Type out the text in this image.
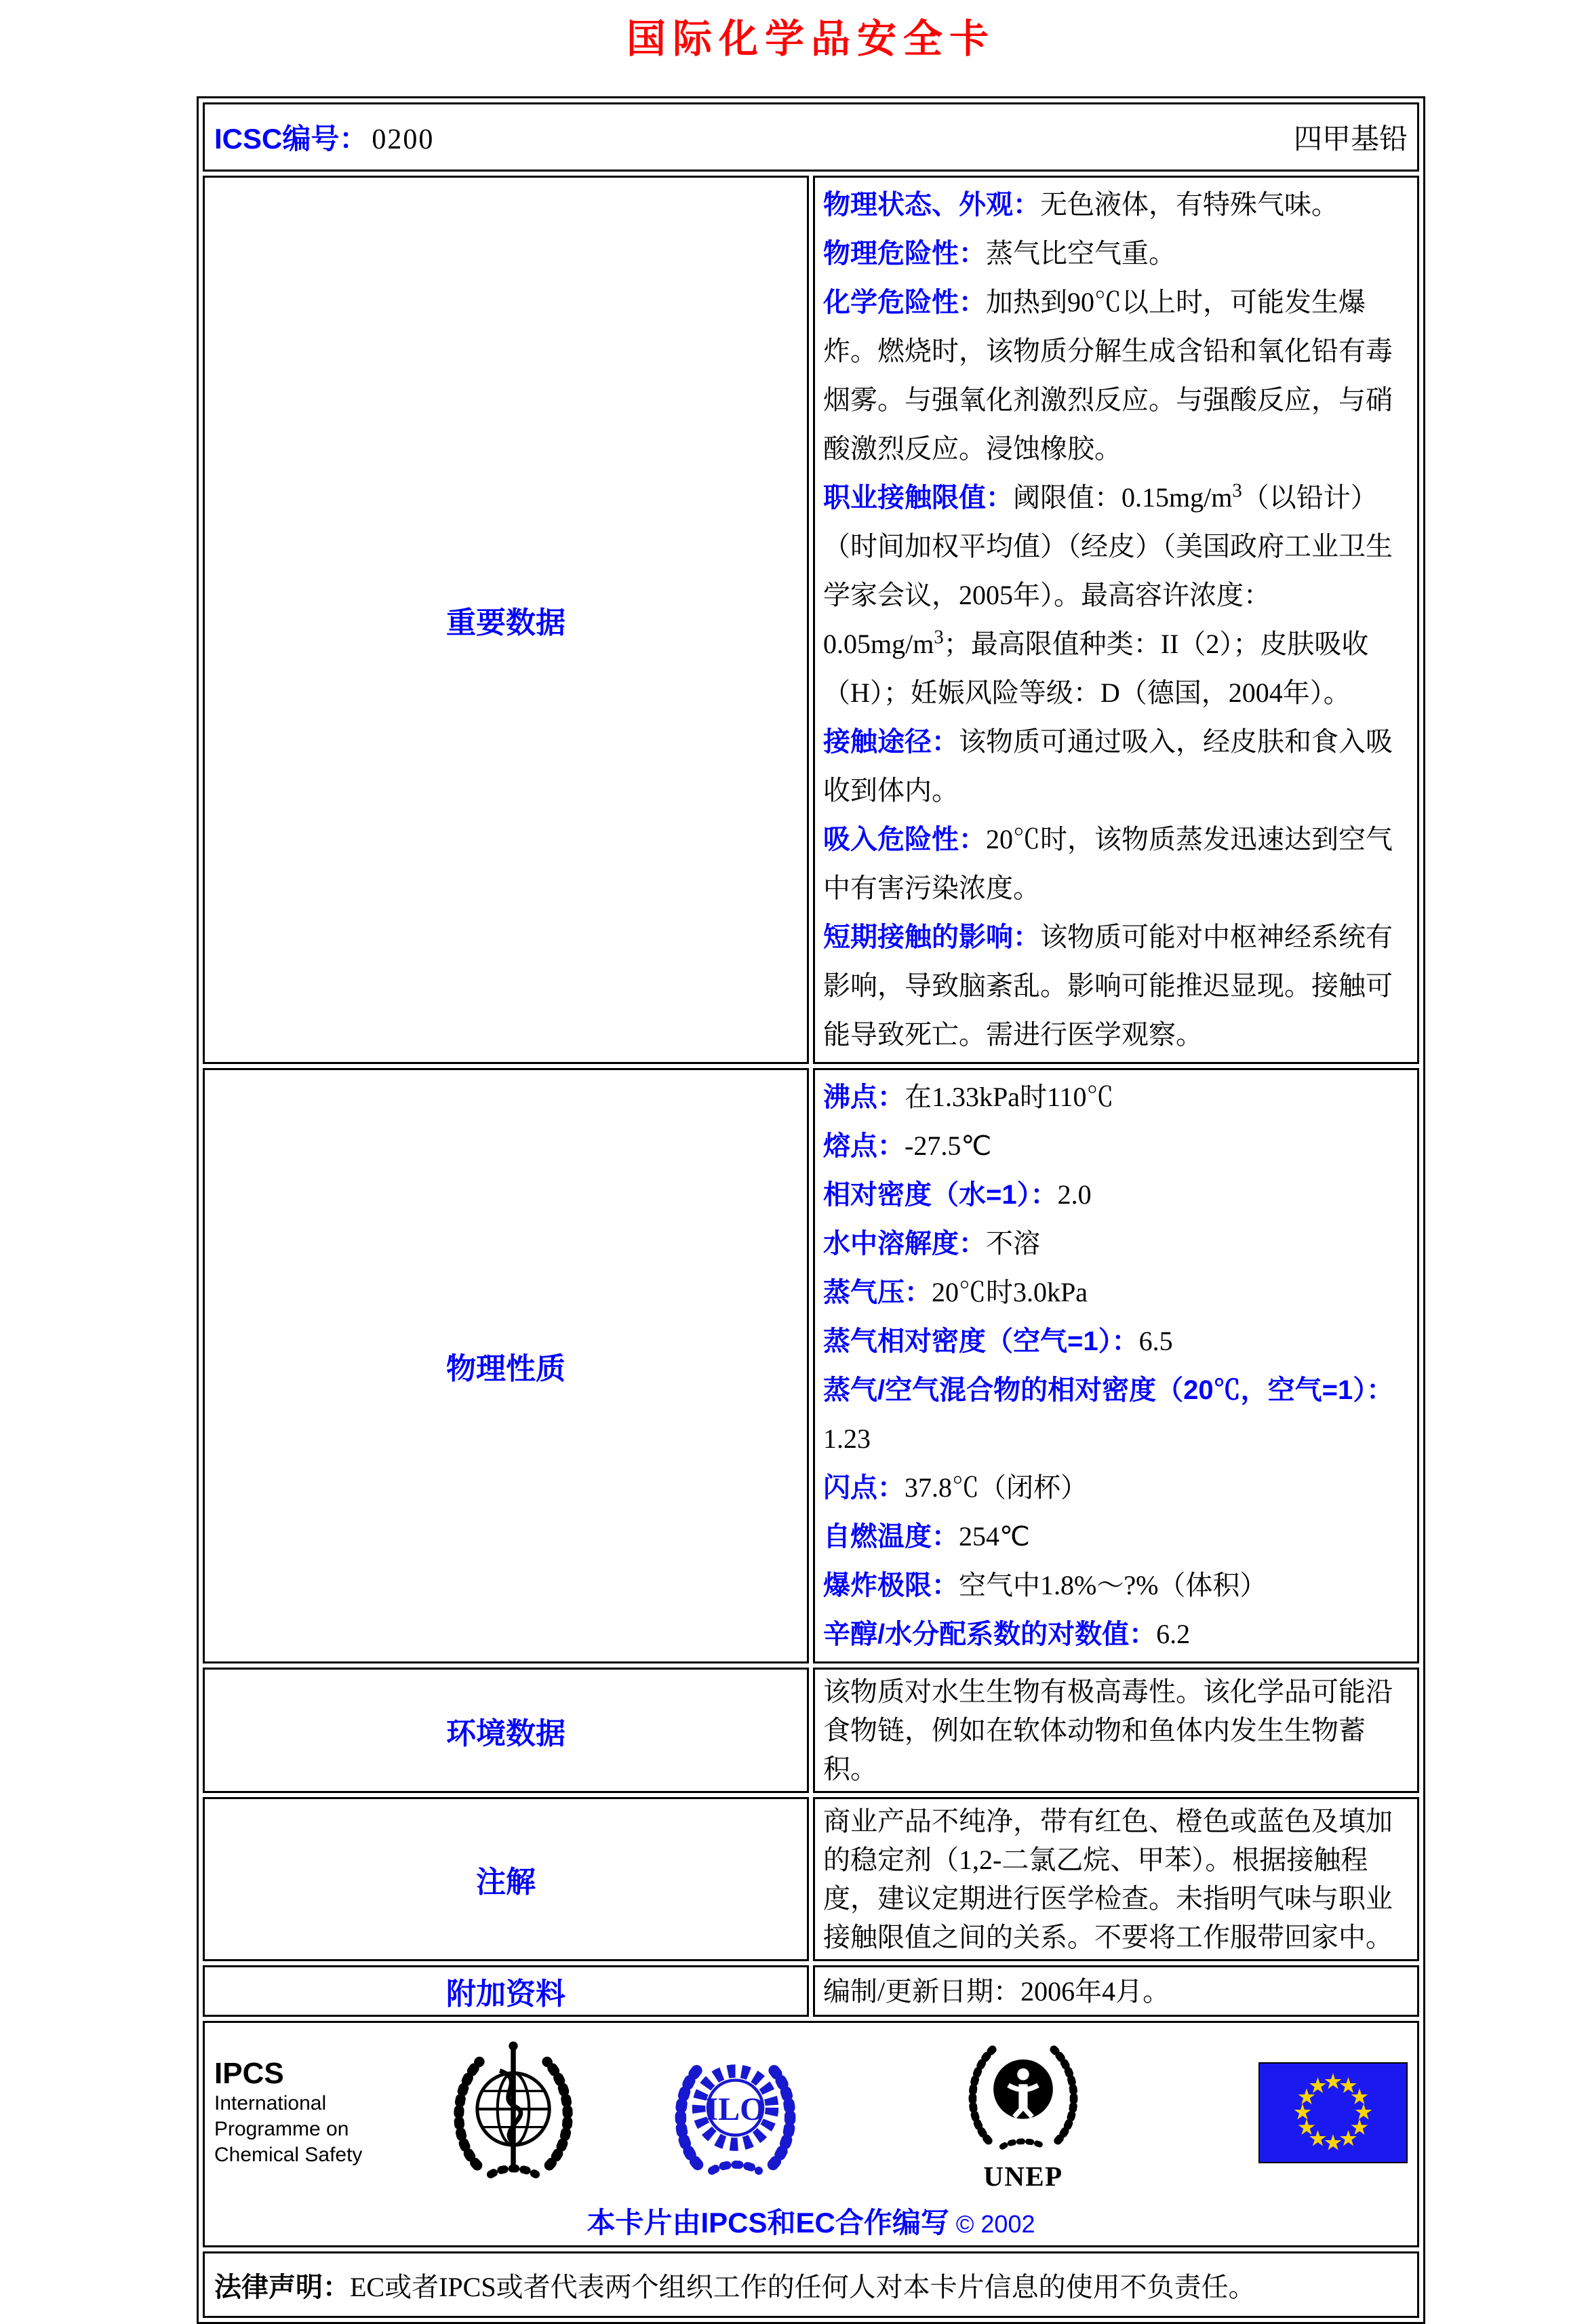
国际化学品安全卡
ICSC编号： 0200 四甲基铅	

重要数据	
物理状态、外观：无色液体，有特殊气味。
物理危险性：蒸气比空气重。
化学危险性：加热到90℃以上时，可能发生爆炸。燃烧时，该物质分解生成含铅和氧化铅有毒烟雾。与强氧化剂激烈反应。与强酸反应，与硝酸激烈反应。浸蚀橡胶。
职业接触限值：阈限值：$0.15mg/m^3$（以铅计）（时间加权平均值）（经皮）（美国政府工业卫生学家会议，2005年）。最高容许浓度：$0.05mg/m^3$；最高限值种类：II（2）；皮肤吸收（H）；妊娠风险等级：D（德国，2004年）。
接触途径：该物质可通过吸入，经皮肤和食入吸收到体内。
吸入危险性：20℃时，该物质蒸发迅速达到空气中有害污染浓度。
短期接触的影响：该物质可能对中枢神经系统有影响，导致脑紊乱。影响可能推迟显现。接触可能导致死亡。需进行医学观察。

物理性质	
沸点：在1.33kPa时110℃
熔点：-27.5℃
相对密度（水=1）：2.0
水中溶解度：不溶
蒸气压：20℃时3.0kPa
蒸气相对密度（空气=1）：6.5
蒸气/空气混合物的相对密度（20℃，空气=1）：1.23
闪点：37.8℃（闭杯）
自燃温度：254℃
爆炸极限：空气中1.8%～?%（体积）
辛醇/水分配系数的对数值：6.2

环境数据	该物质对水生生物有极高毒性。该化学品可能沿食物链，例如在软体动物和鱼体内发生生物蓄积。

注解	商业产品不纯净，带有红色、橙色或蓝色及填加的稳定剂（1,2-二氯乙烷、甲苯）。根据接触程度，建议定期进行医学检查。未指明气味与职业接触限值之间的关系。不要将工作服带回家中。

附加资料	编制/更新日期：2006年4月。

IPCS
International
Programme on
Chemical Safety
ILO

UNEP
本卡片由IPCS和EC合作编写 © 2002

法律声明：EC或者IPCS或者代表两个组织工作的任何人对本卡片信息的使用不负责任。	
